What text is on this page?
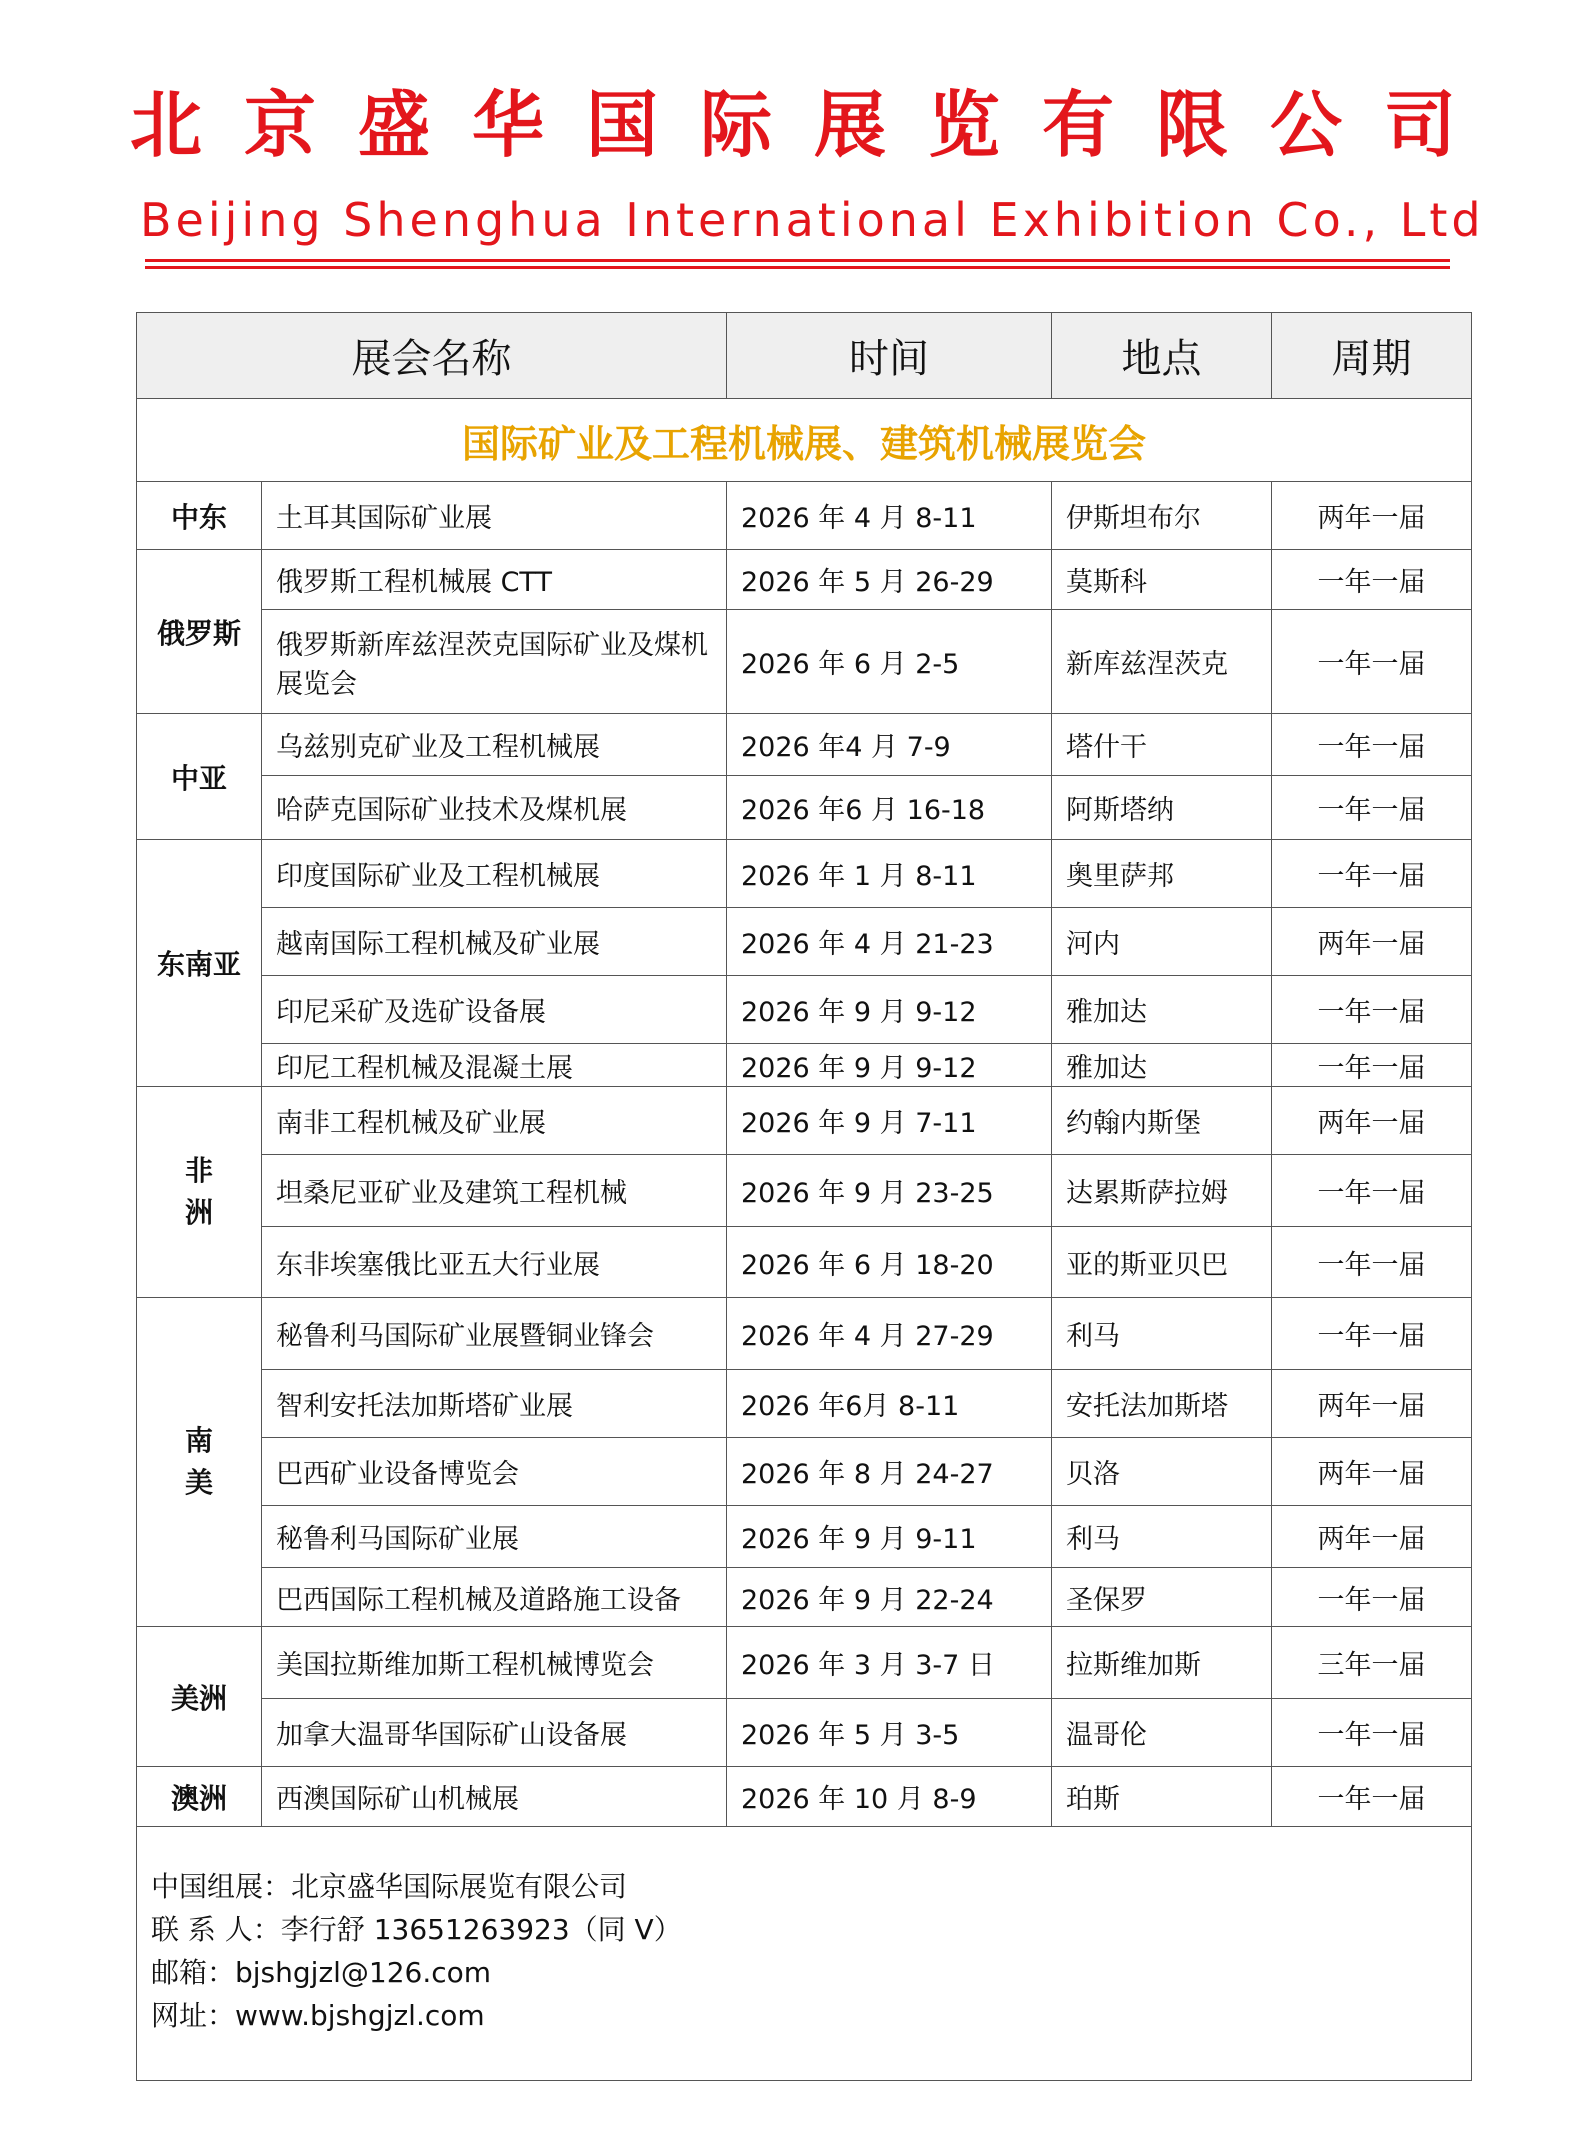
北京盛华国际展览有限公司
Beijing Shenghua International Exhibition Co., Ltd
展会名称		时间	地点	周期
国际矿业及工程机械展、建筑机械展览会				
中东	土耳其国际矿业展	2026 年 4 月 8-11	伊斯坦布尔	两年一届
俄罗斯	俄罗斯工程机械展 CTT	2026 年 5 月 26-29	莫斯科	一年一届
	俄罗斯新库兹涅茨克国际矿业及煤机展览会	2026 年 6 月 2-5	新库兹涅茨克	一年一届
中亚	乌兹别克矿业及工程机械展	2026 年4 月 7-9	塔什干	一年一届
	哈萨克国际矿业技术及煤机展	2026 年6 月 16-18	阿斯塔纳	一年一届
东南亚	印度国际矿业及工程机械展	2026 年 1 月 8-11	奥里萨邦	一年一届
	越南国际工程机械及矿业展	2026 年 4 月 21-23	河内	两年一届
	印尼采矿及选矿设备展	2026 年 9 月 9-12	雅加达	一年一届
	印尼工程机械及混凝土展	2026 年 9 月 9-12	雅加达	一年一届
非洲	南非工程机械及矿业展	2026 年 9 月 7-11	约翰内斯堡	两年一届
	坦桑尼亚矿业及建筑工程机械	2026 年 9 月 23-25	达累斯萨拉姆	一年一届
	东非埃塞俄比亚五大行业展	2026 年 6 月 18-20	亚的斯亚贝巴	一年一届
南美	秘鲁利马国际矿业展暨铜业锋会	2026 年 4 月 27-29	利马	一年一届
	智利安托法加斯塔矿业展	2026 年6月 8-11	安托法加斯塔	两年一届
	巴西矿业设备博览会	2026 年 8 月 24-27	贝洛	两年一届
	秘鲁利马国际矿业展	2026 年 9 月 9-11	利马	两年一届
	巴西国际工程机械及道路施工设备	2026 年 9 月 22-24	圣保罗	一年一届
美洲	美国拉斯维加斯工程机械博览会	2026 年 3 月 3-7 日	拉斯维加斯	三年一届
	加拿大温哥华国际矿山设备展	2026 年 5 月 3-5	温哥伦	一年一届
澳洲	西澳国际矿山机械展	2026 年 10 月 8-9	珀斯	一年一届

中国组展：北京盛华国际展览有限公司
联 系 人：李行舒 13651263923（同 V）
邮箱：bjshgjzl@126.com
网址：www.bjshgjzl.com				
